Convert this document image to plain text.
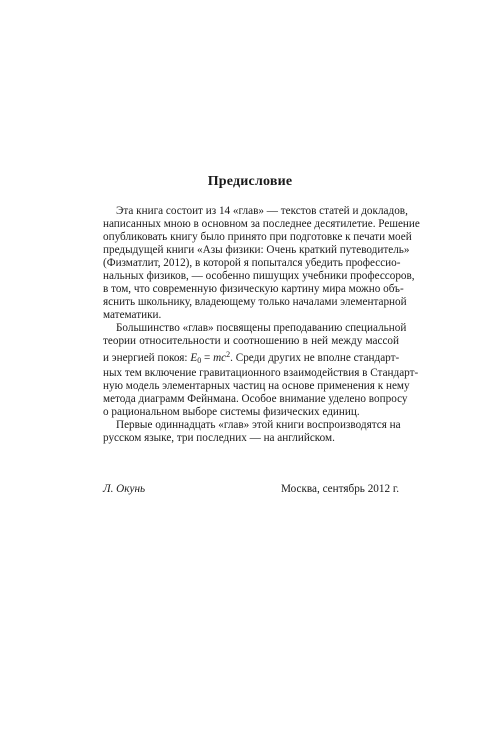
Предисловие
Эта книга состоит из 14 «глав» — текстов статей и докладов,
написанных мною в основном за последнее десятилетие. Решение
опубликовать книгу было принято при подготовке к печати моей
предыдущей книги «Азы физики: Очень краткий путеводитель»
(Физматлит, 2012), в которой я попытался убедить профессио-
нальных физиков, — особенно пишущих учебники профессоров,
в том, что современную физическую картину мира можно объ-
яснить школьнику, владеющему только началами элементарной
математики.
Большинство «глав» посвящены преподаванию специальной
теории относительности и соотношению в ней между массой
и энергией покоя: $E_0 = mc^2$. Среди других не вполне стандарт-
ных тем включение гравитационного взаимодействия в Стандарт-
ную модель элементарных частиц на основе применения к нему
метода диаграмм Фейнмана. Особое внимание уделено вопросу
о рациональном выборе системы физических единиц.
Первые одиннадцать «глав» этой книги воспроизводятся на
русском языке, три последних — на английском.
Л. Окунь	Москва, сентябрь 2012 г.
